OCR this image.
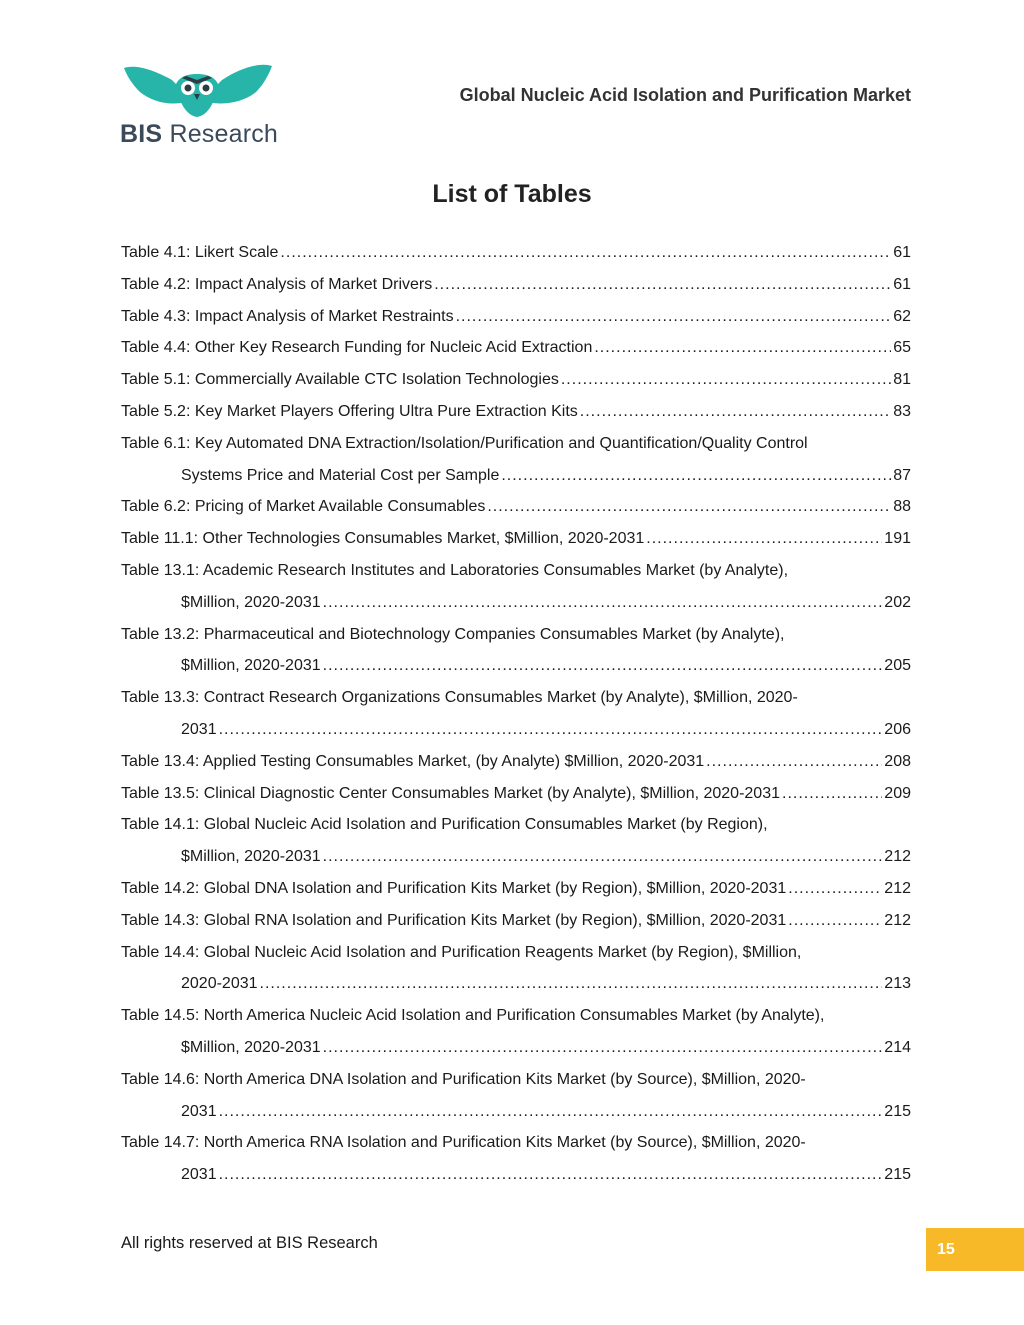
BIS Research
Global Nucleic Acid Isolation and Purification Market
List of Tables
Table 4.1: Likert Scale .....	61
Table 4.2: Impact Analysis of Market Drivers .....	61
Table 4.3: Impact Analysis of Market Restraints .....	62
Table 4.4: Other Key Research Funding for Nucleic Acid Extraction .....	65
Table 5.1: Commercially Available CTC Isolation Technologies .....	81
Table 5.2: Key Market Players Offering Ultra Pure Extraction Kits .....	83
Table 6.1: Key Automated DNA Extraction/Isolation/Purification and Quantification/Quality Control
Systems Price and Material Cost per Sample .....	87
Table 6.2: Pricing of Market Available Consumables .....	88
Table 11.1: Other Technologies Consumables Market, $Million, 2020-2031 .....	191
Table 13.1: Academic Research Institutes and Laboratories Consumables Market (by Analyte),
$Million, 2020-2031 .....	202
Table 13.2: Pharmaceutical and Biotechnology Companies Consumables Market (by Analyte),
$Million, 2020-2031 .....	205
Table 13.3: Contract Research Organizations Consumables Market (by Analyte), $Million, 2020-
2031 .....	206
Table 13.4: Applied Testing Consumables Market, (by Analyte) $Million, 2020-2031 .....	208
Table 13.5: Clinical Diagnostic Center Consumables Market (by Analyte), $Million, 2020-2031 .....	209
Table 14.1: Global Nucleic Acid Isolation and Purification Consumables Market (by Region),
$Million, 2020-2031 .....	212
Table 14.2: Global DNA Isolation and Purification Kits Market (by Region), $Million, 2020-2031 .....	212
Table 14.3: Global RNA Isolation and Purification Kits Market (by Region), $Million, 2020-2031 .....	212
Table 14.4: Global Nucleic Acid Isolation and Purification Reagents Market (by Region), $Million,
2020-2031 .....	213
Table 14.5: North America Nucleic Acid Isolation and Purification Consumables Market (by Analyte),
$Million, 2020-2031 .....	214
Table 14.6: North America DNA Isolation and Purification Kits Market (by Source), $Million, 2020-
2031 .....	215
Table 14.7: North America RNA Isolation and Purification Kits Market (by Source), $Million, 2020-
2031 .....	215
All rights reserved at BIS Research	15
